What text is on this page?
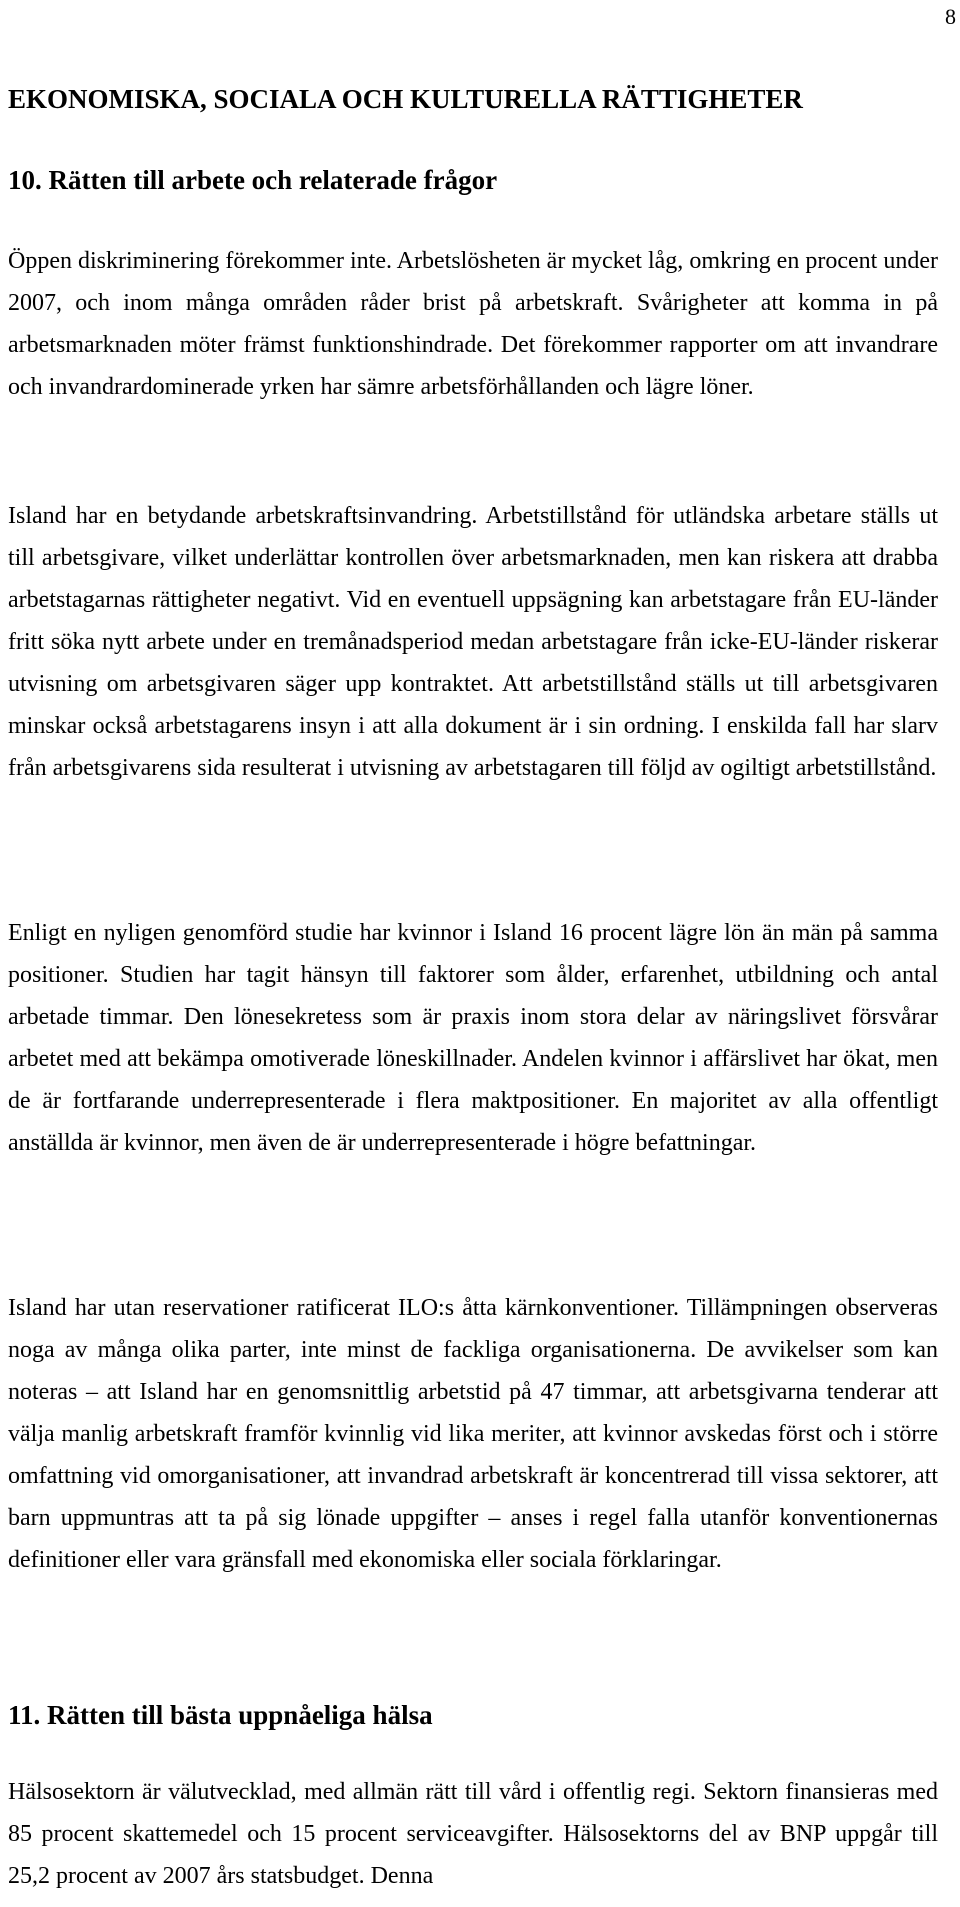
8
EKONOMISKA, SOCIALA OCH KULTURELLA RÄTTIGHETER
10. Rätten till arbete och relaterade frågor

Öppen diskriminering förekommer inte. Arbetslösheten är mycket låg, omkring en procent under 2007, och inom många områden råder brist på arbetskraft. Svårigheter att komma in på arbetsmarknaden möter främst funktionshindrade. Det förekommer rapporter om att invandrare och invandrardominerade yrken har sämre arbetsförhållanden och lägre löner.

Island har en betydande arbetskraftsinvandring. Arbetstillstånd för utländska arbetare ställs ut till arbetsgivare, vilket underlättar kontrollen över arbetsmarknaden, men kan riskera att drabba arbetstagarnas rättigheter negativt. Vid en eventuell uppsägning kan arbetstagare från EU-länder fritt söka nytt arbete under en tremånadsperiod medan arbetstagare från icke-EU-länder riskerar utvisning om arbetsgivaren säger upp kontraktet. Att arbetstillstånd ställs ut till arbetsgivaren minskar också arbetstagarens insyn i att alla dokument är i sin ordning. I enskilda fall har slarv från arbetsgivarens sida resulterat i utvisning av arbetstagaren till följd av ogiltigt arbetstillstånd.

Enligt en nyligen genomförd studie har kvinnor i Island 16 procent lägre lön än män på samma positioner. Studien har tagit hänsyn till faktorer som ålder, erfarenhet, utbildning och antal arbetade timmar. Den lönesekretess som är praxis inom stora delar av näringslivet försvårar arbetet med att bekämpa omotiverade löneskillnader. Andelen kvinnor i affärslivet har ökat, men de är fortfarande underrepresenterade i flera maktpositioner. En majoritet av alla offentligt anställda är kvinnor, men även de är underrepresenterade i högre befattningar.

Island har utan reservationer ratificerat ILO:s åtta kärnkonventioner. Tillämpningen observeras noga av många olika parter, inte minst de fackliga organisationerna. De avvikelser som kan noteras – att Island har en genomsnittlig arbetstid på 47 timmar, att arbetsgivarna tenderar att välja manlig arbetskraft framför kvinnlig vid lika meriter, att kvinnor avskedas först och i större omfattning vid omorganisationer, att invandrad arbetskraft är koncentrerad till vissa sektorer, att barn uppmuntras att ta på sig lönade uppgifter – anses i regel falla utanför konventionernas definitioner eller vara gränsfall med ekonomiska eller sociala förklaringar.

11. Rätten till bästa uppnåeliga hälsa

Hälsosektorn är välutvecklad, med allmän rätt till vård i offentlig regi. Sektorn finansieras med 85 procent skattemedel och 15 procent serviceavgifter. Hälsosektorns del av BNP uppgår till 25,2 procent av 2007 års statsbudget. Denna
